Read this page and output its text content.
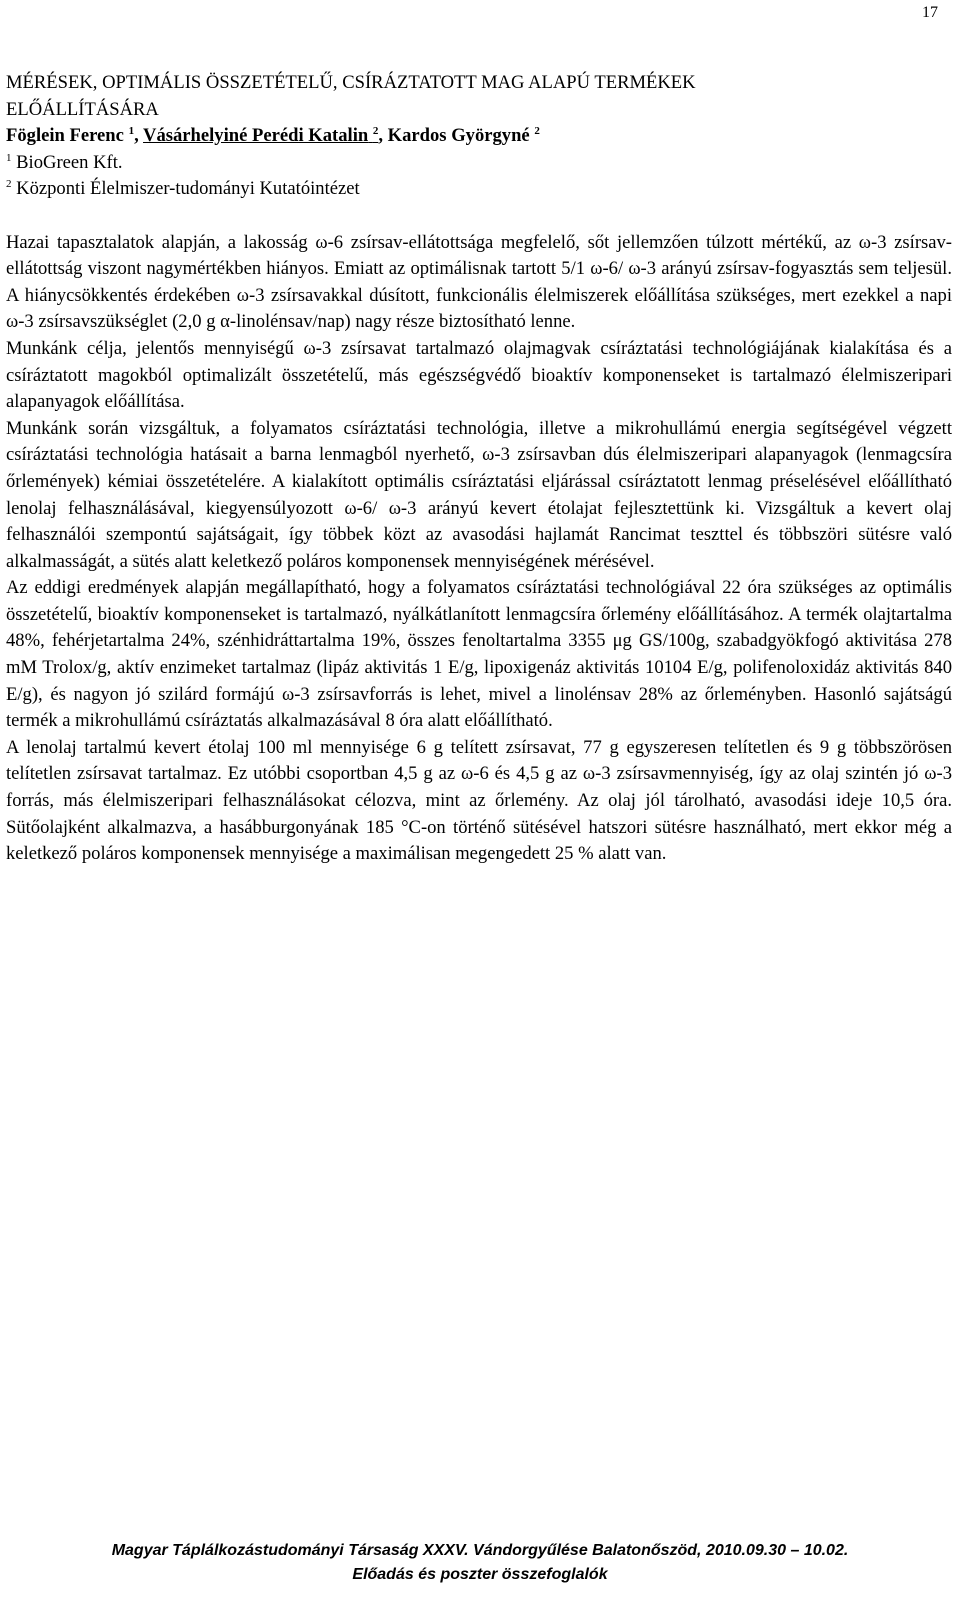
17
MÉRÉSEK, OPTIMÁLIS ÖSSZETÉTELŰ, CSÍRÁZTATOTT MAG ALAPÚ TERMÉKEK
ELŐÁLLÍTÁSÁRA
Föglein Ferenc $^1$, Vásárhelyiné Perédi Katalin $^2$, Kardos Györgyné $^2$
$^1$ BioGreen Kft.
$^2$ Központi Élelmiszer-tudományi Kutatóintézet

Hazai tapasztalatok alapján, a lakosság ω-6 zsírsav-ellátottsága megfelelő, sőt jellemzően túlzott mértékű, az ω-3 zsírsav-ellátottság viszont nagymértékben hiányos. Emiatt az optimálisnak tartott 5/1 ω-6/ ω-3 arányú zsírsav-fogyasztás sem teljesül. A hiánycsökkentés érdekében ω-3 zsírsavakkal dúsított, funkcionális élelmiszerek előállítása szükséges, mert ezekkel a napi ω-3 zsírsavszükséglet (2,0 g α-linolénsav/nap) nagy része biztosítható lenne.

Munkánk célja, jelentős mennyiségű ω-3 zsírsavat tartalmazó olajmagvak csíráztatási technológiájának kialakítása és a csíráztatott magokból optimalizált összetételű, más egészségvédő bioaktív komponenseket is tartalmazó élelmiszeripari alapanyagok előállítása.

Munkánk során vizsgáltuk, a folyamatos csíráztatási technológia, illetve a mikrohullámú energia segítségével végzett csíráztatási technológia hatásait a barna lenmagból nyerhető, ω-3 zsírsavban dús élelmiszeripari alapanyagok (lenmagcsíra őrlemények) kémiai összetételére. A kialakított optimális csíráztatási eljárással csíráztatott lenmag préselésével előállítható lenolaj felhasználásával, kiegyensúlyozott ω-6/ ω-3 arányú kevert étolajat fejlesztettünk ki. Vizsgáltuk a kevert olaj felhasználói szempontú sajátságait, így többek közt az avasodási hajlamát Rancimat teszttel és többszöri sütésre való alkalmasságát, a sütés alatt keletkező poláros komponensek mennyiségének mérésével.

Az eddigi eredmények alapján megállapítható, hogy a folyamatos csíráztatási technológiával 22 óra szükséges az optimális összetételű, bioaktív komponenseket is tartalmazó, nyálkátlanított lenmagcsíra őrlemény előállításához. A termék olajtartalma 48%, fehérjetartalma 24%, szénhidráttartalma 19%, összes fenoltartalma 3355 μg GS/100g, szabadgyökfogó aktivitása 278 mM Trolox/g, aktív enzimeket tartalmaz (lipáz aktivitás 1 E/g, lipoxigenáz aktivitás 10104 E/g, polifenoloxidáz aktivitás 840 E/g), és nagyon jó szilárd formájú ω-3 zsírsavforrás is lehet, mivel a linolénsav 28% az őrleményben. Hasonló sajátságú termék a mikrohullámú csíráztatás alkalmazásával 8 óra alatt előállítható.

A lenolaj tartalmú kevert étolaj 100 ml mennyisége 6 g telített zsírsavat, 77 g egyszeresen telítetlen és 9 g többszörösen telítetlen zsírsavat tartalmaz. Ez utóbbi csoportban 4,5 g az ω-6 és 4,5 g az ω-3 zsírsavmennyiség, így az olaj szintén jó ω-3 forrás, más élelmiszeripari felhasználásokat célozva, mint az őrlemény. Az olaj jól tárolható, avasodási ideje 10,5 óra. Sütőolajként alkalmazva, a hasábburgonyának 185 °C-on történő sütésével hatszori sütésre használható, mert ekkor még a keletkező poláros komponensek mennyisége a maximálisan megengedett 25 % alatt van.

Magyar Táplálkozástudományi Társaság XXXV. Vándorgyűlése Balatonőszöd, 2010.09.30 – 10.02.
Előadás és poszter összefoglalók
